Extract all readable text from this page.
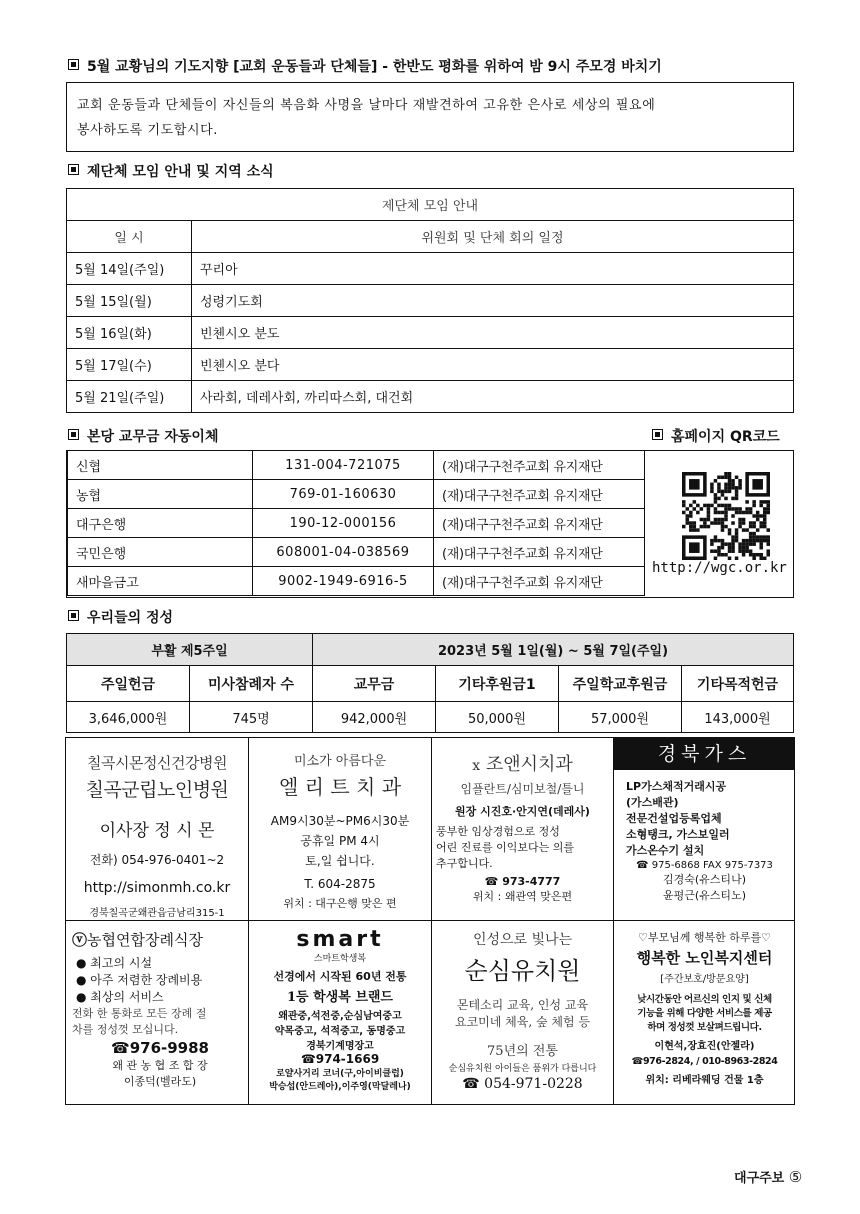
5월 교황님의 기도지향 [교회 운동들과 단체들] - 한반도 평화를 위하여 밤 9시 주모경 바치기
교회 운동들과 단체들이 자신들의 복음화 사명을 날마다 재발견하여 고유한 은사로 세상의 필요에
봉사하도록 기도합시다.
제단체 모임 안내 및 지역 소식
제단체 모임 안내	
일 시	위원회 및 단체 회의 일정
5월 14일(주일)	꾸리아
5월 15일(월)	성령기도회
5월 16일(화)	빈첸시오 분도
5월 17일(수)	빈첸시오 분다
5월 21일(주일)	사라회, 데레사회, 까리따스회, 대건회
본당 교무금 자동이체	홈페이지 QR코드
신협	131-004-721075	(재)대구구천주교회 유지재단
농협	769-01-160630	(재)대구구천주교회 유지재단
대구은행	190-12-000156	(재)대구구천주교회 유지재단
국민은행	608001-04-038569	(재)대구구천주교회 유지재단
새마을금고	9002-1949-6916-5	(재)대구구천주교회 유지재단
http://wgc.or.kr
우리들의 정성
부활 제5주일		2023년 5월 1일(월) ~ 5월 7일(주일)			
주일헌금	미사참례자 수	교무금	기타후원금1	주일학교후원금	기타목적헌금
3,646,000원	745명	942,000원	50,000원	57,000원	143,000원
칠곡시몬정신건강병원
칠곡군립노인병원
이사장 정 시 몬
전화) 054-976-0401~2
http://simonmh.co.kr
경북칠곡군왜관읍금남리315-1
미소가 아름다운
엘 리 트 치 과
AM9시30분~PM6시30분
공휴일 PM 4시
토,일 쉽니다.
T. 604-2875
위치 : 대구은행 맞은 편
ⅹ 조앤시치과
임플란트/심미보철/틀니
원장 시진호·안지연(데레사)
풍부한 임상경험으로 정성
어린 진료를 이익보다는 의를
추구합니다.
☎ 973-4777
위치 : 왜관역 맞은편
경북가스
LP가스채적거래시공
(가스배관)
전문건설업등록업체
소형탱크, 가스보일러
가스온수기 설치
☎ 975-6868 FAX 975-7373
김경숙(유스티나)
윤평근(유스티노)
ⓥ농협연합장례식장
● 최고의 시설
● 아주 저렴한 장례비용
● 최상의 서비스
전화 한 통화로 모든 장례 절
차를 정성껏 모십니다.
☎976-9988
왜 관 농 협 조 합 장
이종덕(벨라도)
smart
스마트학생복
선경에서 시작된 60년 전통
1등 학생복 브랜드
왜관중,석전중,순심남여중고
약목중고, 석적중고, 동명중고
경북기계명장고
☎974-1669
로얄사거리 코너(구,아이비클럽)
박승섭(안드레아),이주영(막달레나)
인성으로 빛나는
순심유치원
몬테소리 교육, 인성 교육
요코미네 체육, 숲 체험 등
75년의 전통
순심유치원 아이들은 품위가 다릅니다
☎ 054-971-0228
♡부모님께 행복한 하루를♡
행복한 노인복지센터
[주간보호/방문요양]
낮시간동안 어르신의 인지 및 신체
기능을 위해 다양한 서비스를 제공
하며 정성껏 보살펴드립니다.
이현석,장효진(안젤라)
☎976-2824, / 010-8963-2824
위치: 리베라웨딩 건물 1층
대구주보 ⑤
